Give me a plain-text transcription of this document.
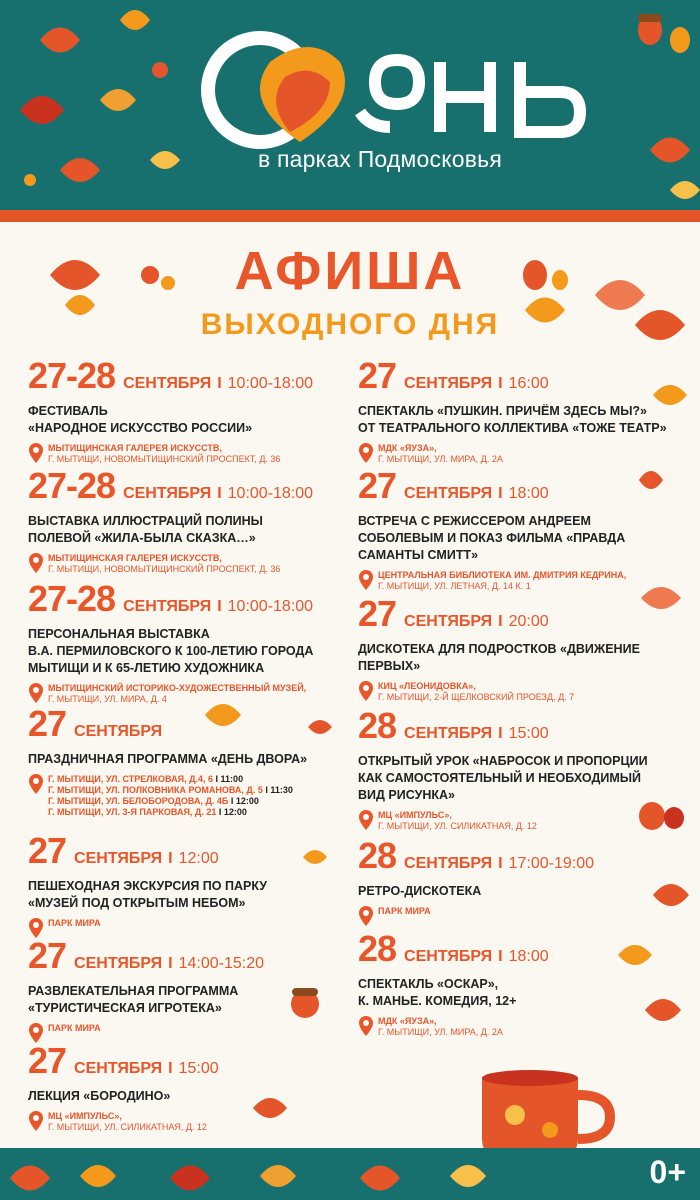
в парках Подмосковья
АФИША
ВЫХОДНОГО ДНЯ
27-28 СЕНТЯБРЯ I 10:00-18:00
ФЕСТИВАЛЬ
«НАРОДНОЕ ИСКУССТВО РОССИИ»
МЫТИЩИНСКАЯ ГАЛЕРЕЯ ИСКУССТВ,
Г. МЫТИЩИ, НОВОМЫТИЩИНСКИЙ ПРОСПЕКТ, Д. 36
27-28 СЕНТЯБРЯ I 10:00-18:00
ВЫСТАВКА ИЛЛЮСТРАЦИЙ ПОЛИНЫ
ПОЛЕВОЙ «ЖИЛА-БЫЛА СКАЗКА…»
МЫТИЩИНСКАЯ ГАЛЕРЕЯ ИСКУССТВ,
Г. МЫТИЩИ, НОВОМЫТИЩИНСКИЙ ПРОСПЕКТ, Д. 36
27-28 СЕНТЯБРЯ I 10:00-18:00
ПЕРСОНАЛЬНАЯ ВЫСТАВКА
В.А. ПЕРМИЛОВСКОГО К 100-ЛЕТИЮ ГОРОДА
МЫТИЩИ И К 65-ЛЕТИЮ ХУДОЖНИКА
МЫТИЩИНСКИЙ ИСТОРИКО-ХУДОЖЕСТВЕННЫЙ МУЗЕЙ,
Г. МЫТИЩИ, УЛ. МИРА, Д. 4
27 СЕНТЯБРЯ
ПРАЗДНИЧНАЯ ПРОГРАММА «ДЕНЬ ДВОРА»
Г. МЫТИЩИ, УЛ. СТРЕЛКОВАЯ, Д.4, 6 I 11:00
Г. МЫТИЩИ, УЛ. ПОЛКОВНИКА РОМАНОВА, Д. 5 I 11:30
Г. МЫТИЩИ, УЛ. БЕЛОБОРОДОВА, Д. 4Б I 12:00
Г. МЫТИЩИ, УЛ. 3-Я ПАРКОВАЯ, Д. 21 I 12:00
27 СЕНТЯБРЯ I 12:00
ПЕШЕХОДНАЯ ЭКСКУРСИЯ ПО ПАРКУ
«МУЗЕЙ ПОД ОТКРЫТЫМ НЕБОМ»
ПАРК МИРА
27 СЕНТЯБРЯ I 14:00-15:20
РАЗВЛЕКАТЕЛЬНАЯ ПРОГРАММА
«ТУРИСТИЧЕСКАЯ ИГРОТЕКА»
ПАРК МИРА
27 СЕНТЯБРЯ I 15:00
ЛЕКЦИЯ «БОРОДИНО»
МЦ «ИМПУЛЬС»,
Г. МЫТИЩИ, УЛ. СИЛИКАТНАЯ, Д. 12
27 СЕНТЯБРЯ I 16:00
СПЕКТАКЛЬ «ПУШКИН. ПРИЧЁМ ЗДЕСЬ МЫ?»
ОТ ТЕАТРАЛЬНОГО КОЛЛЕКТИВА «ТОЖЕ ТЕАТР»
МДК «ЯУЗА»,
Г. МЫТИЩИ, УЛ. МИРА, Д. 2А
27 СЕНТЯБРЯ I 18:00
ВСТРЕЧА С РЕЖИССЕРОМ АНДРЕЕМ
СОБОЛЕВЫМ И ПОКАЗ ФИЛЬМА «ПРАВДА
САМАНТЫ СМИТТ»
ЦЕНТРАЛЬНАЯ БИБЛИОТЕКА ИМ. ДМИТРИЯ КЕДРИНА,
Г. МЫТИЩИ, УЛ. ЛЕТНАЯ, Д. 14 К. 1
27 СЕНТЯБРЯ I 20:00
ДИСКОТЕКА ДЛЯ ПОДРОСТКОВ «ДВИЖЕНИЕ
ПЕРВЫХ»
КИЦ «ЛЕОНИДОВКА»,
Г. МЫТИЩИ, 2-Й ЩЕЛКОВСКИЙ ПРОЕЗД, Д. 7
28 СЕНТЯБРЯ I 15:00
ОТКРЫТЫЙ УРОК «НАБРОСОК И ПРОПОРЦИИ
КАК САМОСТОЯТЕЛЬНЫЙ И НЕОБХОДИМЫЙ
ВИД РИСУНКА»
МЦ «ИМПУЛЬС»,
Г. МЫТИЩИ, УЛ. СИЛИКАТНАЯ, Д. 12
28 СЕНТЯБРЯ I 17:00-19:00
РЕТРО-ДИСКОТЕКА
ПАРК МИРА
28 СЕНТЯБРЯ I 18:00
СПЕКТАКЛЬ «ОСКАР»,
К. МАНЬЕ. КОМЕДИЯ, 12+
МДК «ЯУЗА»,
Г. МЫТИЩИ, УЛ. МИРА, Д. 2А
0+
